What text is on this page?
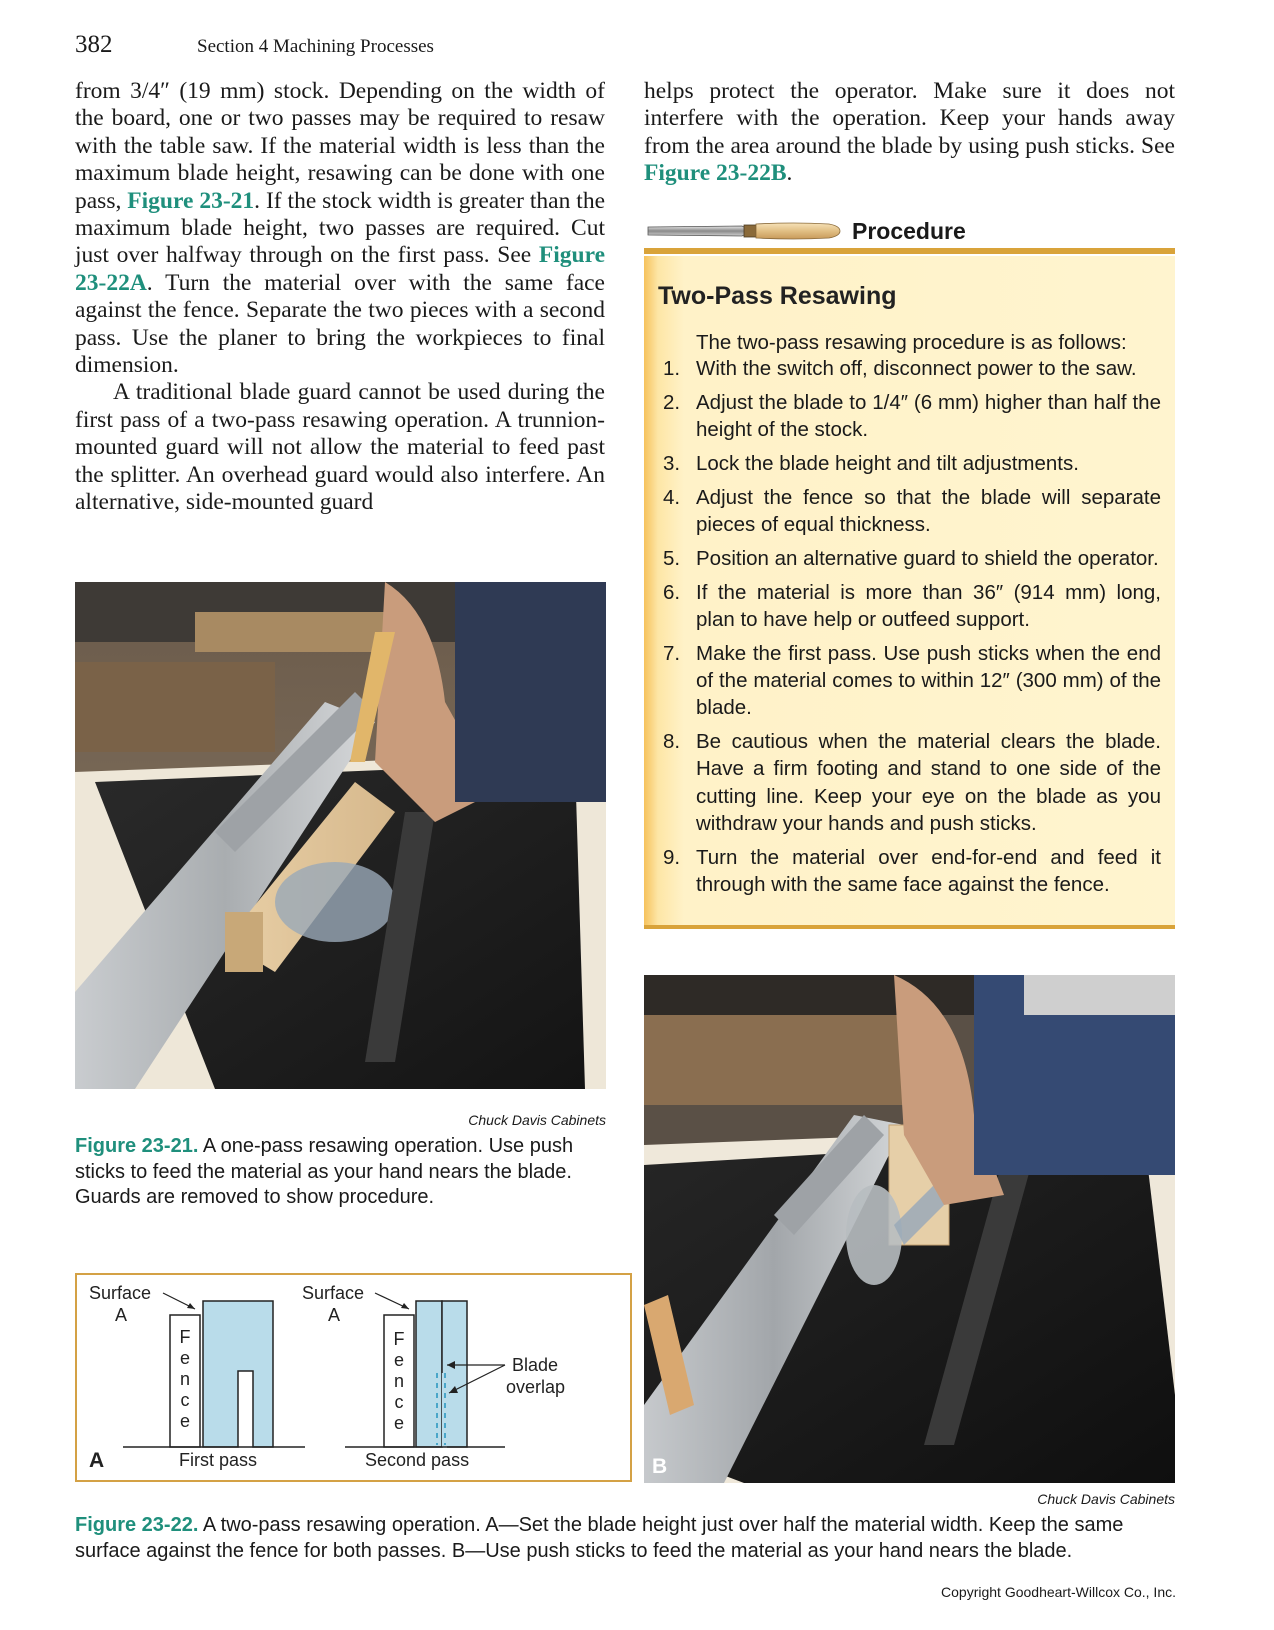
382	Section 4 Machining Processes

from 3/4″ (19 mm) stock. Depending on the width of the board, one or two passes may be required to resaw with the table saw. If the material width is less than the maximum blade height, resawing can be done with one pass, Figure 23-21. If the stock width is greater than the maximum blade height, two passes are required. Cut just over halfway through on the first pass. See Figure 23-22A. Turn the material over with the same face against the fence. Separate the two pieces with a second pass. Use the planer to bring the workpieces to final dimension.

A traditional blade guard cannot be used during the first pass of a two-pass resawing operation. A trunnion-mounted guard will not allow the material to feed past the splitter. An overhead guard would also interfere. An alternative, side-mounted guard

helps protect the operator. Make sure it does not interfere with the operation. Keep your hands away from the area around the blade by using push sticks. See Figure 23-22B.

Procedure
Two-Pass Resawing
The two-pass resawing procedure is as follows:
1. With the switch off, disconnect power to the saw.
2. Adjust the blade to 1/4″ (6 mm) higher than half the height of the stock.
3. Lock the blade height and tilt adjustments.
4. Adjust the fence so that the blade will separate pieces of equal thickness.
5. Position an alternative guard to shield the operator.
6. If the material is more than 36″ (914 mm) long, plan to have help or outfeed support.
7. Make the first pass. Use push sticks when the end of the material comes to within 12″ (300 mm) of the blade.
8. Be cautious when the material clears the blade. Have a firm footing and stand to one side of the cutting line. Keep your eye on the blade as you withdraw your hands and push sticks.
9. Turn the material over end-for-end and feed it through with the same face against the fence.
Chuck Davis Cabinets
Figure 23-21. A one-pass resawing operation. Use push sticks to feed the material as your hand nears the blade. Guards are removed to show procedure.
Surface
A
F e n c e
A	First pass
Surface
A
F e n c e
Second pass
Blade
overlap
B
Chuck Davis Cabinets
Figure 23-22. A two-pass resawing operation. A—Set the blade height just over half the material width. Keep the same surface against the fence for both passes. B—Use push sticks to feed the material as your hand nears the blade.
Copyright Goodheart-Willcox Co., Inc.
